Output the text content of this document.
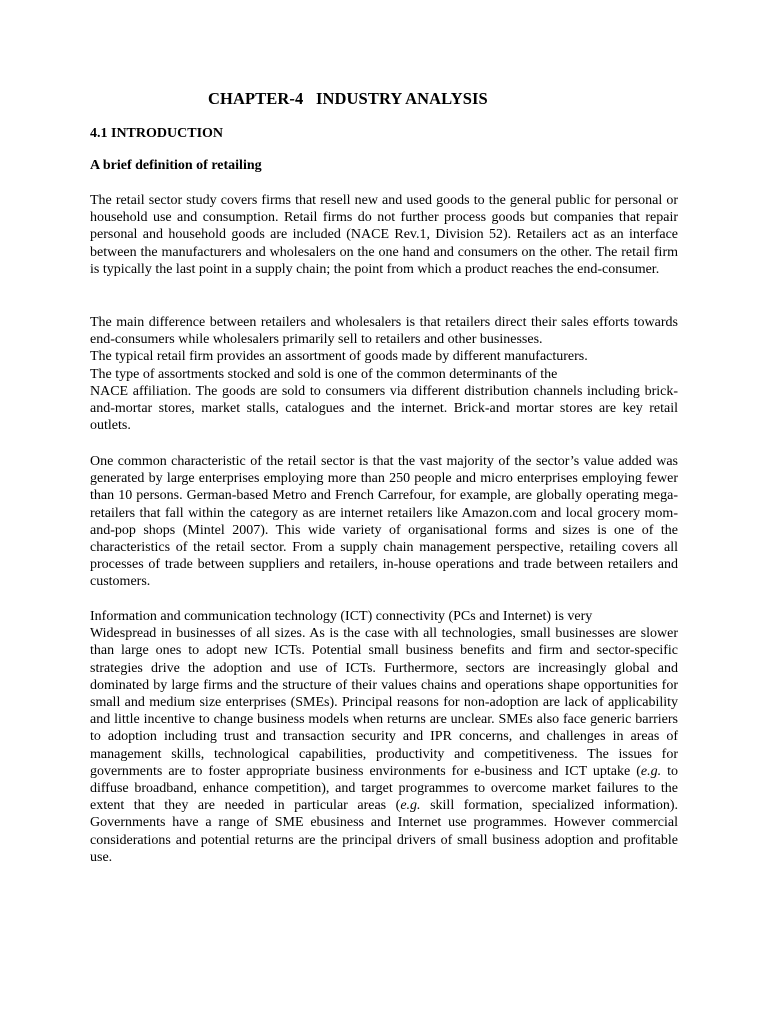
CHAPTER-4   INDUSTRY ANALYSIS
4.1 INTRODUCTION
A brief definition of retailing

The retail sector study covers firms that resell new and used goods to the general public for personal or household use and consumption. Retail firms do not further process goods but companies that repair personal and household goods are included (NACE Rev.1, Division 52). Retailers act as an interface between the manufacturers and wholesalers on the one hand and consumers on the other. The retail firm is typically the last point in a supply chain; the point from which a product reaches the end-consumer.

The main difference between retailers and wholesalers is that retailers direct their sales efforts towards end-consumers while wholesalers primarily sell to retailers and other businesses.
The typical retail firm provides an assortment of goods made by different manufacturers.
The type of assortments stocked and sold is one of the common determinants of the
NACE affiliation. The goods are sold to consumers via different distribution channels including brick-and-mortar stores, market stalls, catalogues and the internet. Brick-and mortar stores are key retail outlets.

One common characteristic of the retail sector is that the vast majority of the sector’s value added was generated by large enterprises employing more than 250 people and micro enterprises employing fewer than 10 persons. German-based Metro and French Carrefour, for example, are globally operating mega-retailers that fall within the category as are internet retailers like Amazon.com and local grocery mom-and-pop shops (Mintel 2007). This wide variety of organisational forms and sizes is one of the characteristics of the retail sector. From a supply chain management perspective, retailing covers all processes of trade between suppliers and retailers, in-house operations and trade between retailers and customers.

Information and communication technology (ICT) connectivity (PCs and Internet) is very
Widespread in businesses of all sizes. As is the case with all technologies, small businesses are slower than large ones to adopt new ICTs. Potential small business benefits and firm and sector-specific strategies drive the adoption and use of ICTs. Furthermore, sectors are increasingly global and dominated by large firms and the structure of their values chains and operations shape opportunities for small and medium size enterprises (SMEs). Principal reasons for non-adoption are lack of applicability and little incentive to change business models when returns are unclear. SMEs also face generic barriers to adoption including trust and transaction security and IPR concerns, and challenges in areas of management skills, technological capabilities, productivity and competitiveness. The issues for governments are to foster appropriate business environments for e-business and ICT uptake (e.g. to diffuse broadband, enhance competition), and target programmes to overcome market failures to the extent that they are needed in particular areas (e.g. skill formation, specialized information). Governments have a range of SME ebusiness and Internet use programmes. However commercial considerations and potential returns are the principal drivers of small business adoption and profitable use.
